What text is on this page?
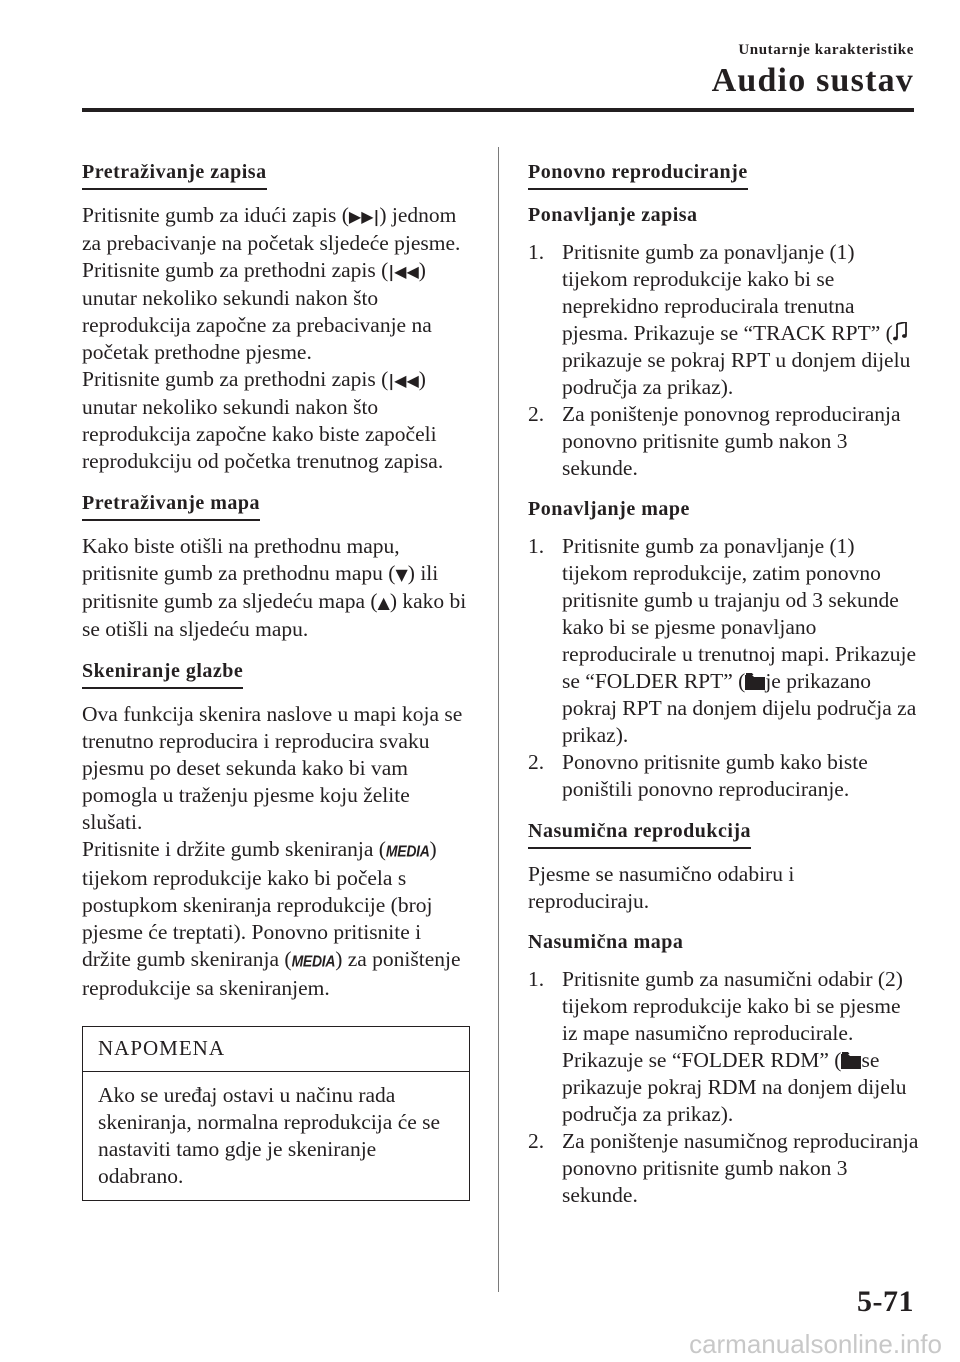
Unutarnje karakteristike
Audio sustav
Pretraživanje zapisa

Pritisnite gumb za idući zapis (▶▶|) jednom za prebacivanje na početak sljedeće pjesme.
Pritisnite gumb za prethodni zapis (|◀◀) unutar nekoliko sekundi nakon što reprodukcija započne za prebacivanje na početak prethodne pjesme.
Pritisnite gumb za prethodni zapis (|◀◀) unutar nekoliko sekundi nakon što reprodukcija započne kako biste započeli reprodukciju od početka trenutnog zapisa.

Pretraživanje mapa

Kako biste otišli na prethodnu mapu, pritisnite gumb za prethodnu mapu (▼) ili pritisnite gumb za sljedeću mapa (▲) kako bi se otišli na sljedeću mapu.

Skeniranje glazbe

Ova funkcija skenira naslove u mapi koja se trenutno reproducira i reproducira svaku pjesmu po deset sekunda kako bi vam pomogla u traženju pjesme koju želite slušati.
Pritisnite i držite gumb skeniranja (MEDIA) tijekom reprodukcije kako bi počela s postupkom skeniranja reprodukcije (broj pjesme će treptati). Ponovno pritisnite i držite gumb skeniranja (MEDIA) za poništenje reprodukcije sa skeniranjem.

NAPOMENA
Ako se uređaj ostavi u načinu rada skeniranja, normalna reprodukcija će se nastaviti tamo gdje je skeniranje odabrano.
Ponovno reproduciranje
Ponavljanje zapisa
1. Pritisnite gumb za ponavljanje (1) tijekom reprodukcije kako bi se neprekidno reproducirala trenutna pjesma. Prikazuje se “TRACK RPT” (prikazuje se pokraj RPT u donjem dijelu područja za prikaz).
2. Za poništenje ponovnog reproduciranja ponovno pritisnite gumb nakon 3 sekunde.
Ponavljanje mape
1. Pritisnite gumb za ponavljanje (1) tijekom reprodukcije, zatim ponovno pritisnite gumb u trajanju od 3 sekunde kako bi se pjesme ponavljano reproducirale u trenutnoj mapi. Prikazuje se “FOLDER RPT” ( je prikazano pokraj RPT na donjem dijelu područja za prikaz).
2. Ponovno pritisnite gumb kako biste poništili ponovno reproduciranje.
Nasumična reprodukcija

Pjesme se nasumično odabiru i reproduciraju.

Nasumična mapa
1. Pritisnite gumb za nasumični odabir (2) tijekom reprodukcije kako bi se pjesme iz mape nasumično reproducirale. Prikazuje se “FOLDER RDM” ( se prikazuje pokraj RDM na donjem dijelu područja za prikaz).
2. Za poništenje nasumičnog reproduciranja ponovno pritisnite gumb nakon 3 sekunde.
5-71
carmanualsonline.info
